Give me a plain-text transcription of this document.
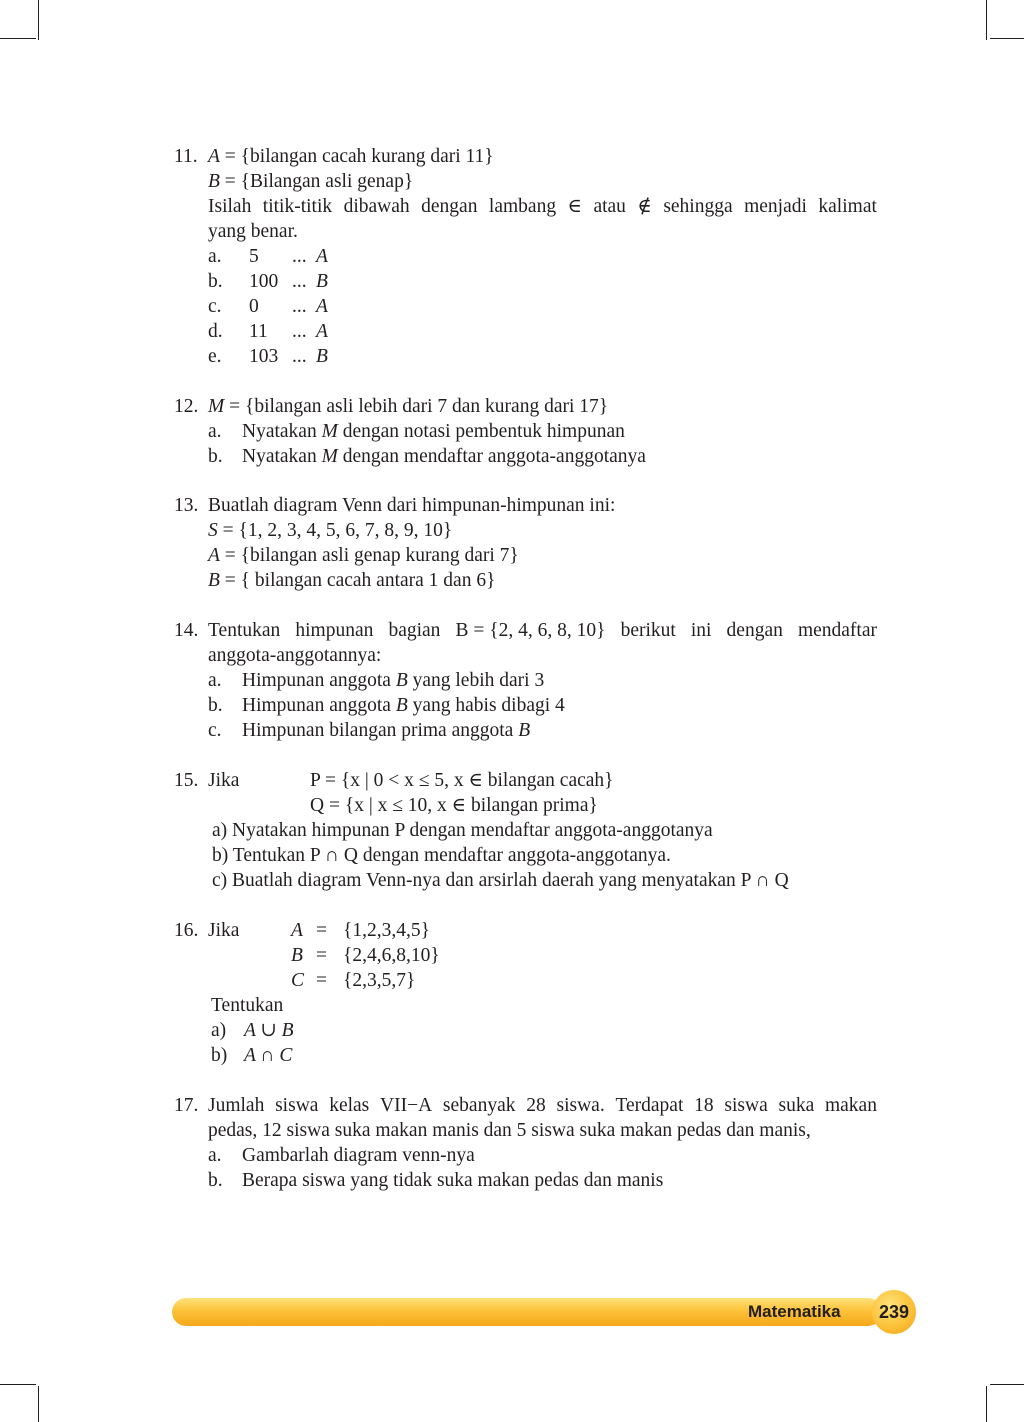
11. A = {bilangan cacah kurang dari 11}
B = {Bilangan asli genap}
Isilah titik-titik dibawah dengan lambang ∈ atau ∉ sehingga menjadi kalimat
yang benar.
a. 5 ... A
b. 100 ... B
c. 0 ... A
d. 11 ... A
e. 103 ... B
12. M = {bilangan asli lebih dari 7 dan kurang dari 17}
a. Nyatakan M dengan notasi pembentuk himpunan
b. Nyatakan M dengan mendaftar anggota-anggotanya
13. Buatlah diagram Venn dari himpunan-himpunan ini:
S = {1, 2, 3, 4, 5, 6, 7, 8, 9, 10}
A = {bilangan asli genap kurang dari 7}
B = { bilangan cacah antara 1 dan 6}
14. Tentukan himpunan bagian B = {2, 4, 6, 8, 10} berikut ini dengan mendaftar
anggota-anggotannya:
a. Himpunan anggota B yang lebih dari 3
b. Himpunan anggota B yang habis dibagi 4
c. Himpunan bilangan prima anggota B
15. Jika	P = {x | 0 < x ≤ 5, x ∈ bilangan cacah}
Q = {x | x ≤ 10, x ∈ bilangan prima}
a) Nyatakan himpunan P dengan mendaftar anggota-anggotanya
b) Tentukan P ∩ Q dengan mendaftar anggota-anggotanya.
c) Buatlah diagram Venn-nya dan arsirlah daerah yang menyatakan P ∩ Q
16. Jika	A = {1,2,3,4,5}
B = {2,4,6,8,10}
C = {2,3,5,7}
Tentukan
a) A ∪ B
b) A ∩ C
17. Jumlah siswa kelas VII−A sebanyak 28 siswa. Terdapat 18 siswa suka makan
pedas, 12 siswa suka makan manis dan 5 siswa suka makan pedas dan manis,
a. Gambarlah diagram venn-nya
b. Berapa siswa yang tidak suka makan pedas dan manis
Matematika 239
